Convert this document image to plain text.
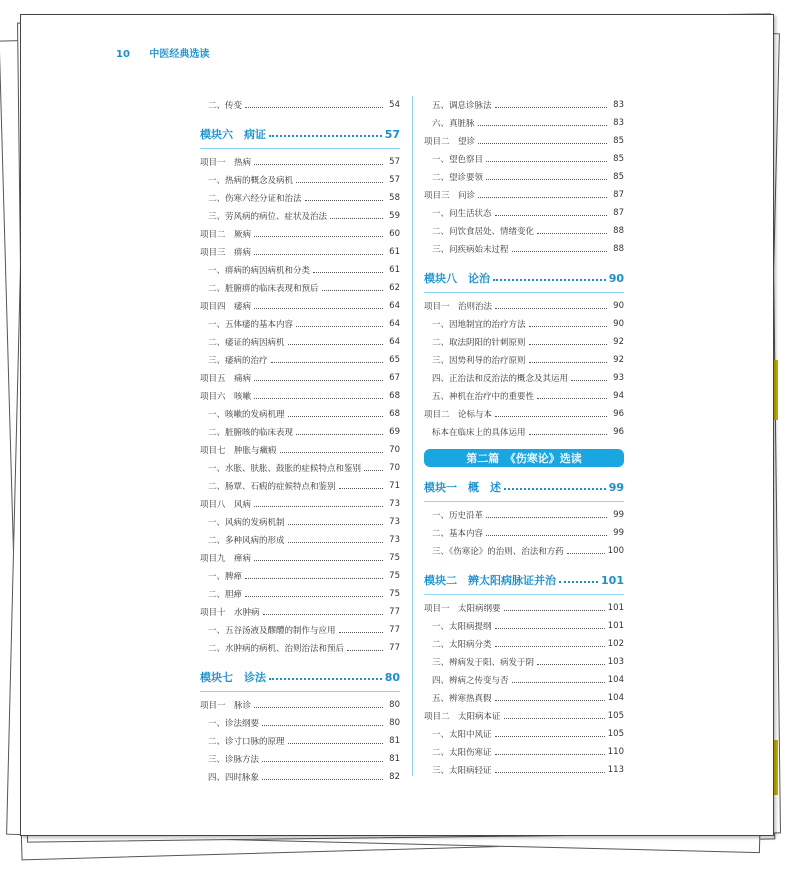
10 中医经典选读
二、传变	54
模块六　病证	57
项目一　热病	57
一、热病的概念及病机	57
二、伤寒六经分证和治法	58
三、劳风病的病位、症状及治法	59
项目二　厥病	60
项目三　痹病	61
一、痹病的病因病机和分类	61
二、脏腑痹的临床表现和预后	62
项目四　痿病	64
一、五体痿的基本内容	64
二、痿证的病因病机	64
三、痿病的治疗	65
项目五　痛病	67
项目六　咳嗽	68
一、咳嗽的发病机理	68
二、脏腑咳的临床表现	69
项目七　肿胀与癥瘕	70
一、水胀、肤胀、鼓胀的症候特点和鉴别	70
二、肠覃、石瘕的症候特点和鉴别	71
项目八　风病	73
一、风病的发病机制	73
二、多种风病的形成	73
项目九　瘅病	75
一、脾瘅	75
二、胆瘅	75
项目十　水肿病	77
一、五谷汤液及醪醴的制作与应用	77
二、水肿病的病机、治则治法和预后	77
模块七　诊法	80
项目一　脉诊	80
一、诊法纲要	80
二、诊寸口脉的原理	81
三、诊脉方法	81
四、四时脉象	82
五、调息诊脉法	83
六、真脏脉	83
项目二　望诊	85
一、望色察目	85
二、望诊要领	85
项目三　问诊	87
一、问生活状态	87
二、问饮食居处、情绪变化	88
三、问疾病始末过程	88
模块八　论治	90
项目一　治则治法	90
一、因地制宜的治疗方法	90
二、取法阴阳的针刺原则	92
三、因势利导的治疗原则	92
四、正治法和反治法的概念及其运用	93
五、神机在治疗中的重要性	94
项目二　论标与本	96
标本在临床上的具体运用	96
第二篇　《伤寒论》选读
模块一　概　述	99
一、历史沿革	99
二、基本内容	99
三、《伤寒论》的治则、治法和方药	100
模块二　辨太阳病脉证并治	101
项目一　太阳病纲要	101
一、太阳病提纲	101
二、太阳病分类	102
三、辨病发于阳、病发于阴	103
四、辨病之传变与否	104
五、辨寒热真假	104
项目二　太阳病本证	105
一、太阳中风证	105
二、太阳伤寒证	110
三、太阳病轻证	113
